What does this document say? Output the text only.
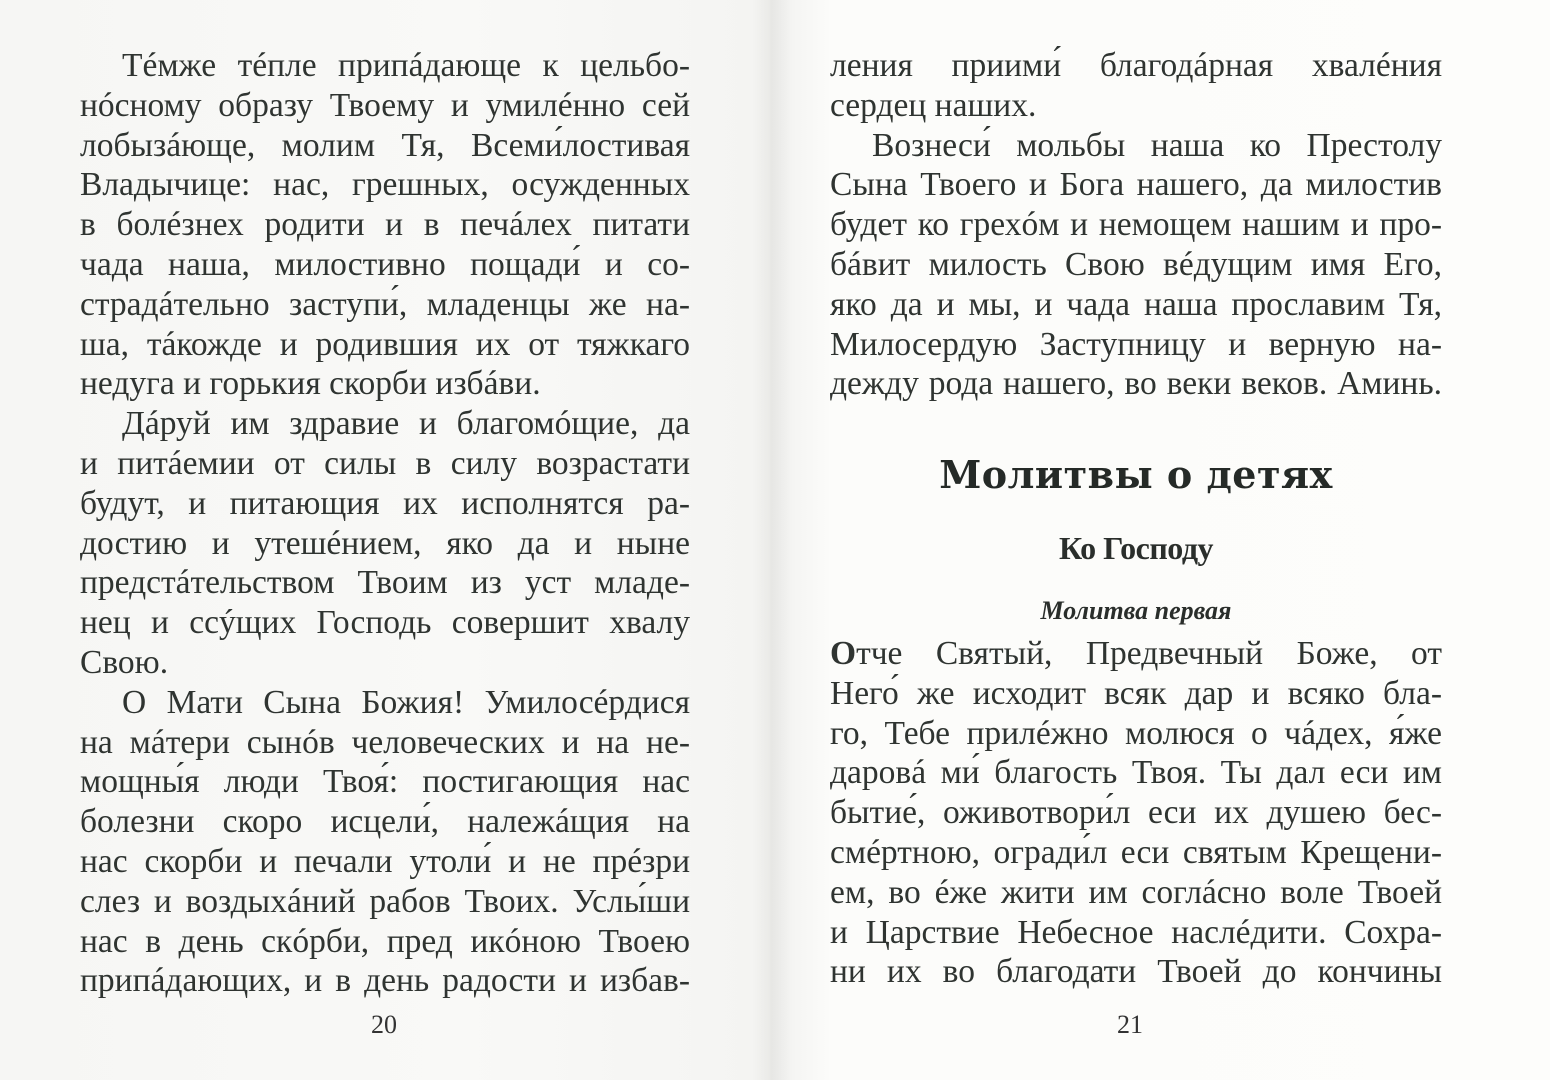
Тéмже тéпле припáдающе к цельбо-
нóсному образу Твоему и умилéнно сей
лобызáюще, молим Тя, Всеми́лостивая
Владычице: нас, грешных, осужденных
в болéзнех родити и в печáлех питати
чада наша, милостивно пощади́ и со-
страдáтельно заступи́, младенцы же на-
ша, тáкожде и родившия их от тяжкаго
недуга и горькия скорби избáви.
Дáруй им здравие и благомóщие, да
и питáемии от силы в силу возрастати
будут, и питающия их исполнятся ра-
достию и утешéнием, яко да и ныне
предстáтельством Твоим из уст младе-
нец и ссýщих Господь совершит хвалу
Свою.
О Мати Сына Божия! Умилосéрдися
на мáтери сынóв человеческих и на не-
мощны́я люди Твоя́: постигающия нас
болезни скоро исцели́, належáщия на
нас скорби и печали утоли́ и не прéзри
слез и воздыхáний рабов Твоих. Услы́ши
нас в день скóрби, пред икóною Твоею
припáдающих, и в день радости и избав-
20
ления приими́ благодáрная хвалéния
сердец наших.
Вознеси́ мольбы наша ко Престолу
Сына Твоего и Бога нашего, да милостив
будет ко грехóм и немощем нашим и про-
бáвит милость Свою вéдущим имя Его,
яко да и мы, и чада наша прославим Тя,
Милосердую Заступницу и верную на-
дежду рода нашего, во веки веков. Аминь.
Молитвы о детях
Ко Господу
Молитва первая
Отче Святый, Предвечный Боже, от
Него́ же исходит всяк дар и всяко бла-
го, Тебе прилéжно молюся о чáдех, я́же
даровá ми́ благость Твоя. Ты дал еси им
бытие́, оживотвори́л еси их душею бес-
смéртною, огради́л еси святым Крещени-
ем, во éже жити им соглáсно воле Твоей
и Царствие Небесное наслéдити. Сохра-
ни их во благодати Твоей до кончины
21
